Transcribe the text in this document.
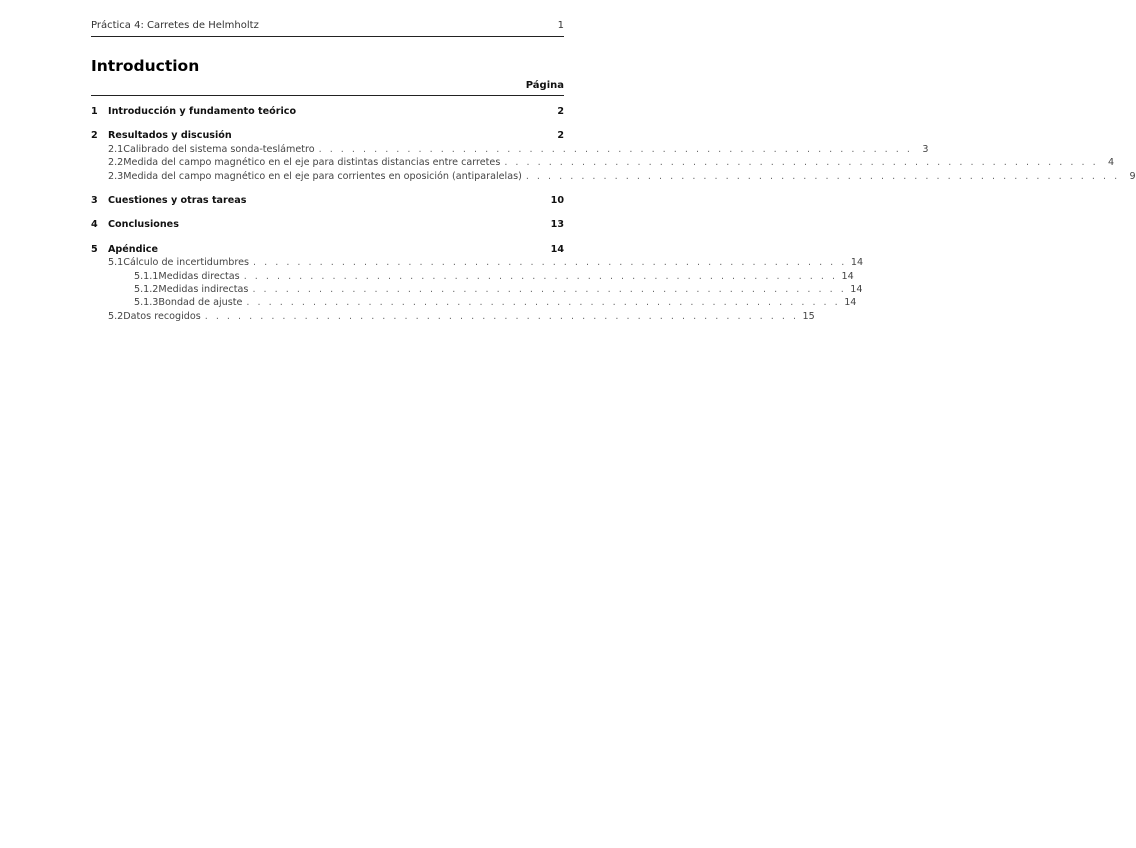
Práctica 4: Carretes de Helmholtz	1
Introduction
Página
1	Introducción y fundamento teórico	2
2	Resultados y discusión	2
2.1 Calibrado del sistema sonda-teslámetro . . . . . . . . . . . . . . . . . . . . . . . . . . . . . . . . . . . . . . . . . . . . . . . . . . . . . .	3
2.2 Medida del campo magnético en el eje para distintas distancias entre carretes . . . . . . . . . . . . . . . . . . . . . . . . . . . . . . . . . . . . . . . . . . . . . . . . . . . . . .	4
2.3 Medida del campo magnético en el eje para corrientes en oposición (antiparalelas) . . . . . . . . . . . . . . . . . . . . . . . . . . . . . . . . . . . . . . . . . . . . . . . . . . . . . .	9
3	Cuestiones y otras tareas	10
4	Conclusiones	13
5	Apéndice	14
5.1 Cálculo de incertidumbres . . . . . . . . . . . . . . . . . . . . . . . . . . . . . . . . . . . . . . . . . . . . . . . . . . . . . . 14
5.1.1 Medidas directas . . . . . . . . . . . . . . . . . . . . . . . . . . . . . . . . . . . . . . . . . . . . . . . . . . . . . . 14
5.1.2 Medidas indirectas . . . . . . . . . . . . . . . . . . . . . . . . . . . . . . . . . . . . . . . . . . . . . . . . . . . . . . 14
5.1.3 Bondad de ajuste . . . . . . . . . . . . . . . . . . . . . . . . . . . . . . . . . . . . . . . . . . . . . . . . . . . . . . 14
5.2 Datos recogidos . . . . . . . . . . . . . . . . . . . . . . . . . . . . . . . . . . . . . . . . . . . . . . . . . . . . . . 15
